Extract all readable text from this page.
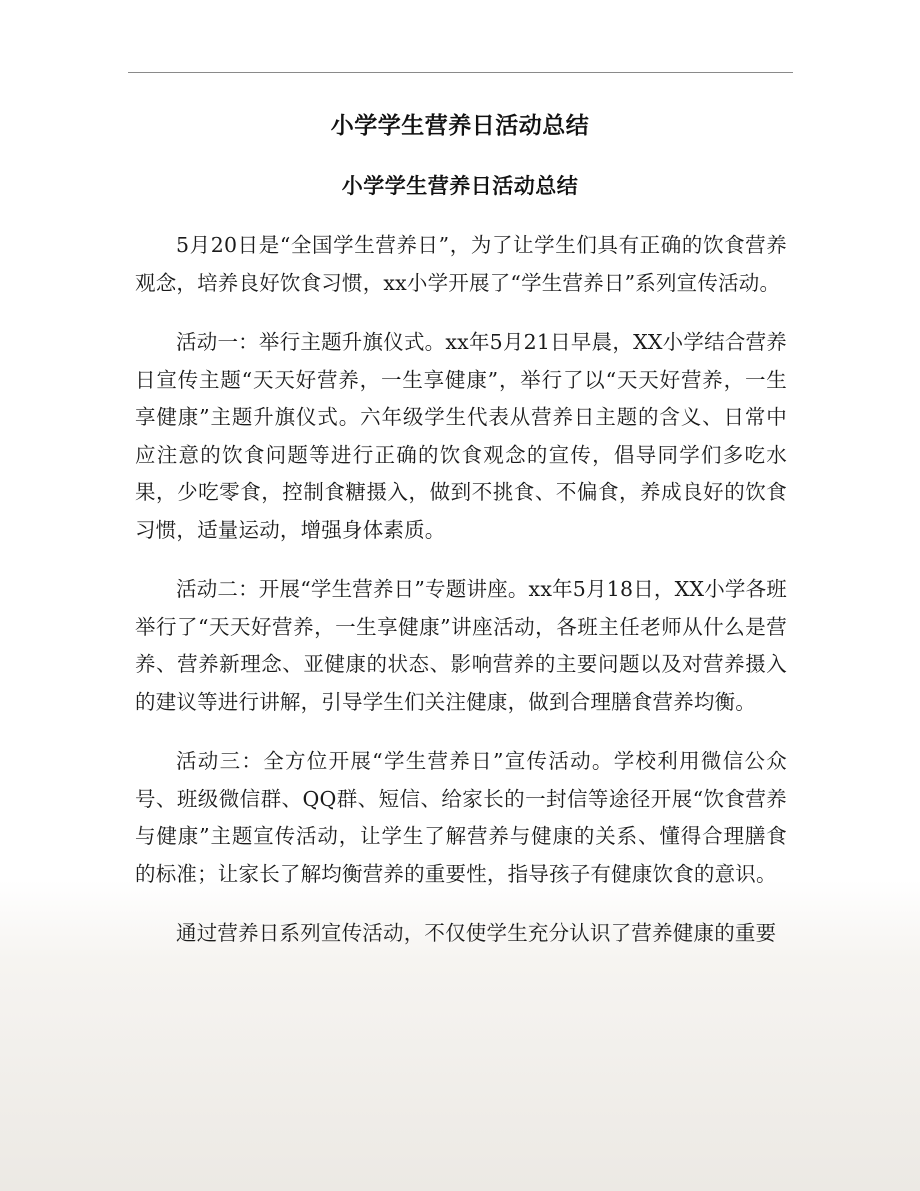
小学学生营养日活动总结
小学学生营养日活动总结

5月20日是“全国学生营养日”，为了让学生们具有正确的饮食营养观念，培养良好饮食习惯，xx小学开展了“学生营养日”系列宣传活动。

活动一：举行主题升旗仪式。xx年5月21日早晨，XX小学结合营养日宣传主题“天天好营养，一生享健康”，举行了以“天天好营养，一生享健康”主题升旗仪式。六年级学生代表从营养日主题的含义、日常中应注意的饮食问题等进行正确的饮食观念的宣传，倡导同学们多吃水果，少吃零食，控制食糖摄入，做到不挑食、不偏食，养成良好的饮食习惯，适量运动，增强身体素质。

活动二：开展“学生营养日”专题讲座。xx年5月18日，XX小学各班举行了“天天好营养，一生享健康”讲座活动，各班主任老师从什么是营养、营养新理念、亚健康的状态、影响营养的主要问题以及对营养摄入的建议等进行讲解，引导学生们关注健康，做到合理膳食营养均衡。

活动三：全方位开展“学生营养日”宣传活动。学校利用微信公众号、班级微信群、QQ群、短信、给家长的一封信等途径开展“饮食营养与健康”主题宣传活动，让学生了解营养与健康的关系、懂得合理膳食的标准；让家长了解均衡营养的重要性，指导孩子有健康饮食的意识。

通过营养日系列宣传活动，不仅使学生充分认识了营养健康的重要
